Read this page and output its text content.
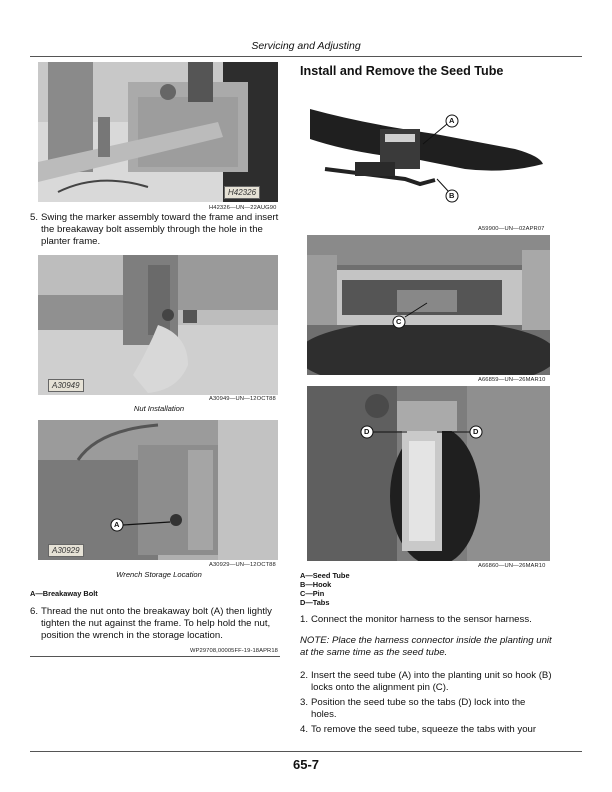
Servicing and Adjusting
H42326
H42326—UN—22AUG90
5. Swing the marker assembly toward the frame and insert the breakaway bolt assembly through the hole in the planter frame.
A30949
A30949—UN—12OCT88
Nut Installation
A
A30929
A30929—UN—12OCT88
Wrench Storage Location
A—Breakaway Bolt
6. Thread the nut onto the breakaway bolt (A) then lightly tighten the nut against the frame. To help hold the nut, position the wrench in the storage location.
WP29708,00005FF-19-18APR18
Install and Remove the Seed Tube
A
B
A59900—UN—02APR07
C
A66859—UN—26MAR10
D	D
A66860—UN—26MAR10
A—Seed Tube
B—Hook
C—Pin
D—Tabs
1. Connect the monitor harness to the sensor harness.
NOTE: Place the harness connector inside the planting unit at the same time as the seed tube.
2. Insert the seed tube (A) into the planting unit so hook (B) locks onto the alignment pin (C).
3. Position the seed tube so the tabs (D) lock into the holes.
4. To remove the seed tube, squeeze the tabs with your
65-7
